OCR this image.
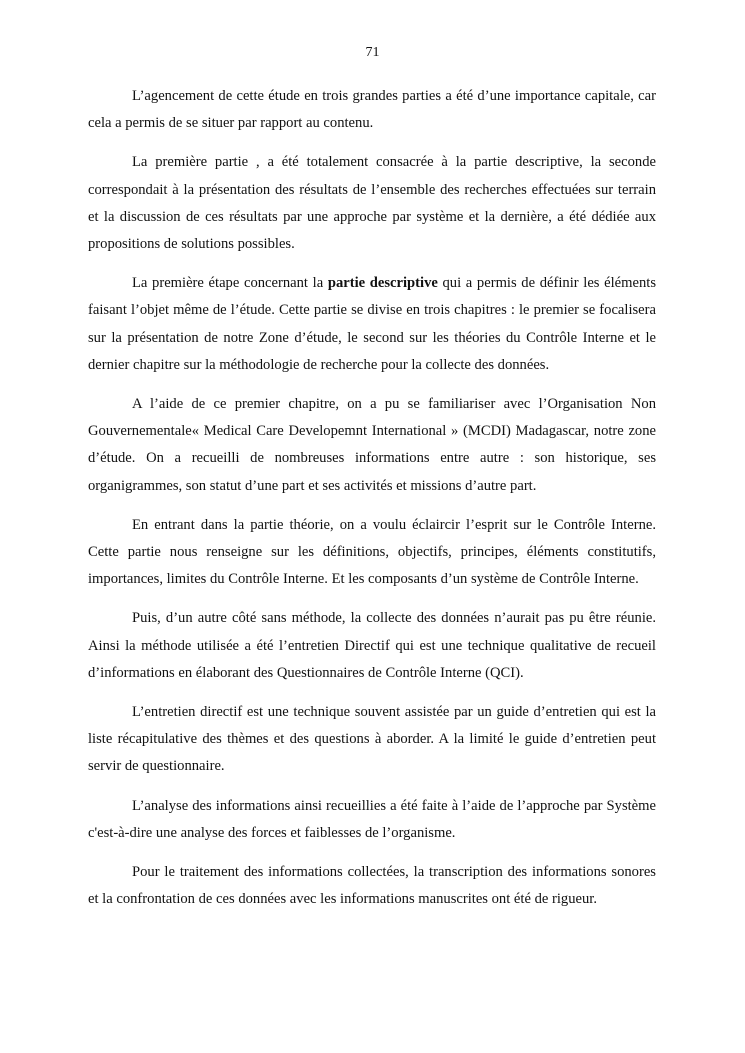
71

L’agencement de cette étude en trois grandes parties a été d’une importance capitale, car cela a permis de se situer par rapport au contenu.

La première partie , a été totalement consacrée à la partie descriptive, la seconde correspondait à la présentation des résultats de l’ensemble des recherches effectuées sur terrain et la discussion de ces résultats par une approche par système et la dernière, a été dédiée aux propositions de solutions possibles.

La première étape concernant la partie descriptive qui a permis de définir les éléments faisant l’objet même de l’étude. Cette partie se divise en trois chapitres : le premier se focalisera sur la présentation de notre Zone d’étude, le second sur les théories du Contrôle Interne et le dernier chapitre sur la méthodologie de recherche pour la collecte des données.

A l’aide de ce premier chapitre, on a pu se familiariser avec l’Organisation Non Gouvernementale« Medical Care Developemnt International » (MCDI) Madagascar, notre zone d’étude. On a recueilli de nombreuses informations entre autre : son historique, ses organigrammes, son statut d’une part et ses activités et missions d’autre part.

En entrant dans la partie théorie, on a voulu éclaircir l’esprit sur le Contrôle Interne. Cette partie nous renseigne sur les définitions, objectifs, principes, éléments constitutifs, importances, limites du Contrôle Interne. Et les composants d’un système de Contrôle Interne.

Puis, d’un autre côté sans méthode, la collecte des données n’aurait pas pu être réunie. Ainsi la méthode utilisée a été l’entretien Directif qui est une technique qualitative de recueil d’informations en élaborant des Questionnaires de Contrôle Interne (QCI).

L’entretien directif est une technique souvent assistée par un guide d’entretien qui est la liste récapitulative des thèmes et des questions à aborder. A la limité le guide d’entretien peut servir de questionnaire.

L’analyse des informations ainsi recueillies a été faite à l’aide de l’approche par Système c'est-à-dire une analyse des forces et faiblesses de l’organisme.

Pour le traitement des informations collectées, la transcription des informations sonores et la confrontation de ces données avec les informations manuscrites ont été de rigueur.
